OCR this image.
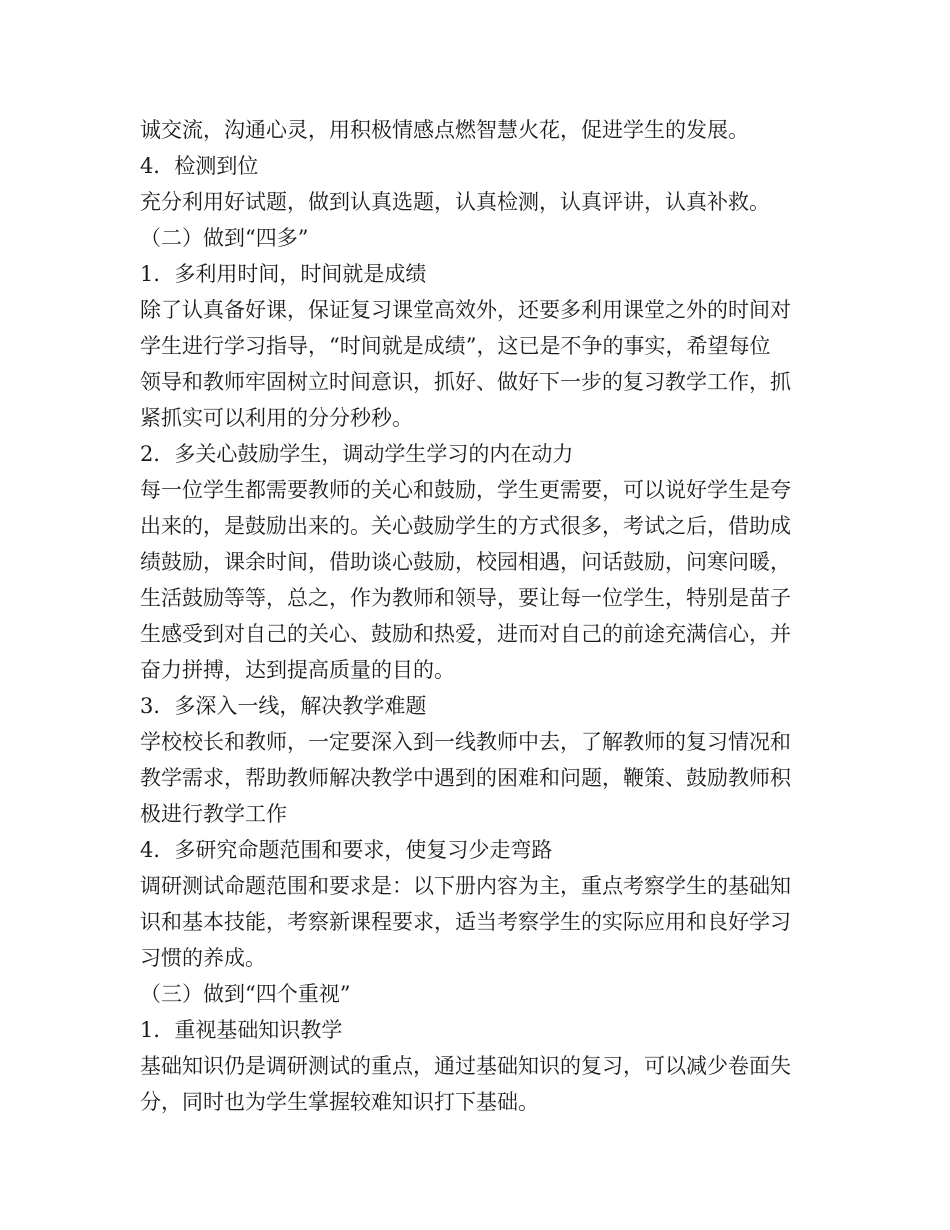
诚交流，沟通心灵，用积极情感点燃智慧火花，促进学生的发展。
4．检测到位
充分利用好试题，做到认真选题，认真检测，认真评讲，认真补救。
（二）做到“四多”
1．多利用时间，时间就是成绩
除了认真备好课，保证复习课堂高效外，还要多利用课堂之外的时间对
学生进行学习指导，“时间就是成绩”，这已是不争的事实，希望每位
领导和教师牢固树立时间意识，抓好、做好下一步的复习教学工作，抓
紧抓实可以利用的分分秒秒。
2．多关心鼓励学生，调动学生学习的内在动力
每一位学生都需要教师的关心和鼓励，学生更需要，可以说好学生是夸
出来的，是鼓励出来的。关心鼓励学生的方式很多，考试之后，借助成
绩鼓励，课余时间，借助谈心鼓励，校园相遇，问话鼓励，问寒问暖，
生活鼓励等等，总之，作为教师和领导，要让每一位学生，特别是苗子
生感受到对自己的关心、鼓励和热爱，进而对自己的前途充满信心，并
奋力拼搏，达到提高质量的目的。
3．多深入一线，解决教学难题
学校校长和教师，一定要深入到一线教师中去，了解教师的复习情况和
教学需求，帮助教师解决教学中遇到的困难和问题，鞭策、鼓励教师积
极进行教学工作
4．多研究命题范围和要求，使复习少走弯路
调研测试命题范围和要求是：以下册内容为主，重点考察学生的基础知
识和基本技能，考察新课程要求，适当考察学生的实际应用和良好学习
习惯的养成。
（三）做到“四个重视”
1．重视基础知识教学
基础知识仍是调研测试的重点，通过基础知识的复习，可以减少卷面失
分，同时也为学生掌握较难知识打下基础。
